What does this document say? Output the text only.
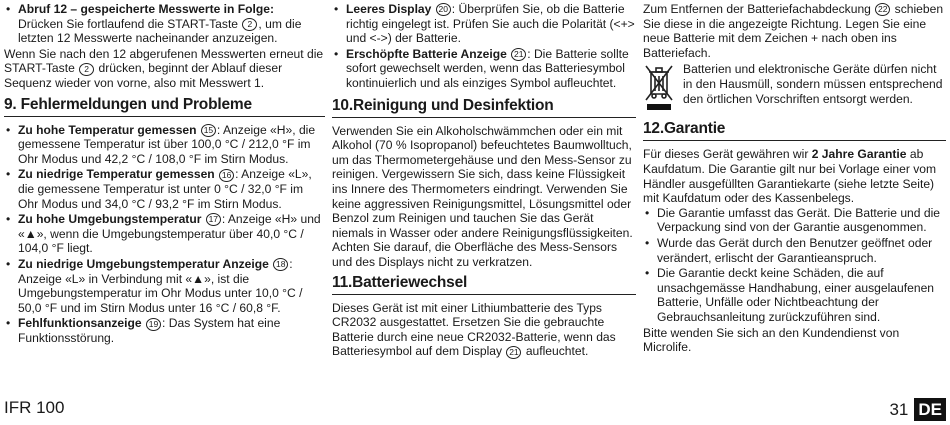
• Abruf 12 – gespeicherte Messwerte in Folge:
Drücken Sie fortlaufend die START-Taste 2 , um die letzten 12 Messwerte nacheinander anzuzeigen.

Wenn Sie nach den 12 abgerufenen Messwerten erneut die START-Taste 2 drücken, beginnt der Ablauf dieser Sequenz wieder von vorne, also mit Messwert 1.

9. Fehlermeldungen und Probleme
• Zu hohe Temperatur gemessen 15 : Anzeige «H», die gemessene Temperatur ist über 100,0 °C / 212,0 °F im Ohr Modus und 42,2 °C / 108,0 °F im Stirn Modus.
• Zu niedrige Temperatur gemessen 16 : Anzeige «L», die gemessene Temperatur ist unter 0 °C / 32,0 °F im Ohr Modus und 34,0 °C / 93,2 °F im Stirn Modus.
• Zu hohe Umgebungstemperatur 17 : Anzeige «H» und «▲», wenn die Umgebungstemperatur über 40,0 °C / 104,0 °F liegt.
• Zu niedrige Umgebungstemperatur Anzeige 18 : Anzeige «L» in Verbindung mit «▲», ist die Umgebungstemperatur im Ohr Modus unter 10,0 °C / 50,0 °F und im Stirn Modus unter 16 °C / 60,8 °F.
• Fehlfunktionsanzeige 19 : Das System hat eine Funktionsstörung.
• Leeres Display 20 : Überprüfen Sie, ob die Batterie richtig eingelegt ist. Prüfen Sie auch die Polarität (<+> und <->) der Batterie.
• Erschöpfte Batterie Anzeige 21 : Die Batterie sollte sofort gewechselt werden, wenn das Batteriesymbol kontinuierlich und als einziges Symbol aufleuchtet.
10.Reinigung und Desinfektion

Verwenden Sie ein Alkoholschwämmchen oder ein mit Alkohol (70 % Isopropanol) befeuchtetes Baumwolltuch, um das Thermometergehäuse und den Mess-Sensor zu reinigen. Vergewissern Sie sich, dass keine Flüssigkeit ins Innere des Thermometers eindringt. Verwenden Sie keine aggressiven Reinigungsmittel, Lösungsmittel oder Benzol zum Reinigen und tauchen Sie das Gerät niemals in Wasser oder andere Reinigungsflüssigkeiten. Achten Sie darauf, die Oberfläche des Mess-Sensors und des Displays nicht zu verkratzen.

11.Batteriewechsel

Dieses Gerät ist mit einer Lithiumbatterie des Typs CR2032 ausgestattet. Ersetzen Sie die gebrauchte Batterie durch eine neue CR2032-Batterie, wenn das Batteriesymbol auf dem Display 21 aufleuchtet.

Zum Entfernen der Batteriefachabdeckung 22 schieben Sie diese in die angezeigte Richtung. Legen Sie eine neue Batterie mit dem Zeichen + nach oben ins Batteriefach.

Batterien und elektronische Geräte dürfen nicht in den Hausmüll, sondern müssen entsprechend den örtlichen Vorschriften entsorgt werden.

12.Garantie

Für dieses Gerät gewähren wir 2 Jahre Garantie ab Kaufdatum. Die Garantie gilt nur bei Vorlage einer vom Händler ausgefüllten Garantiekarte (siehe letzte Seite) mit Kaufdatum oder des Kassenbelegs.

• Die Garantie umfasst das Gerät. Die Batterie und die Verpackung sind von der Garantie ausgenommen.
• Wurde das Gerät durch den Benutzer geöffnet oder verändert, erlischt der Garantieanspruch.
• Die Garantie deckt keine Schäden, die auf unsachgemässe Handhabung, einer ausgelaufenen Batterie, Unfälle oder Nichtbeachtung der Gebrauchsanleitung zurückzuführen sind.

Bitte wenden Sie sich an den Kundendienst von Microlife.

IFR 100	31 DE
